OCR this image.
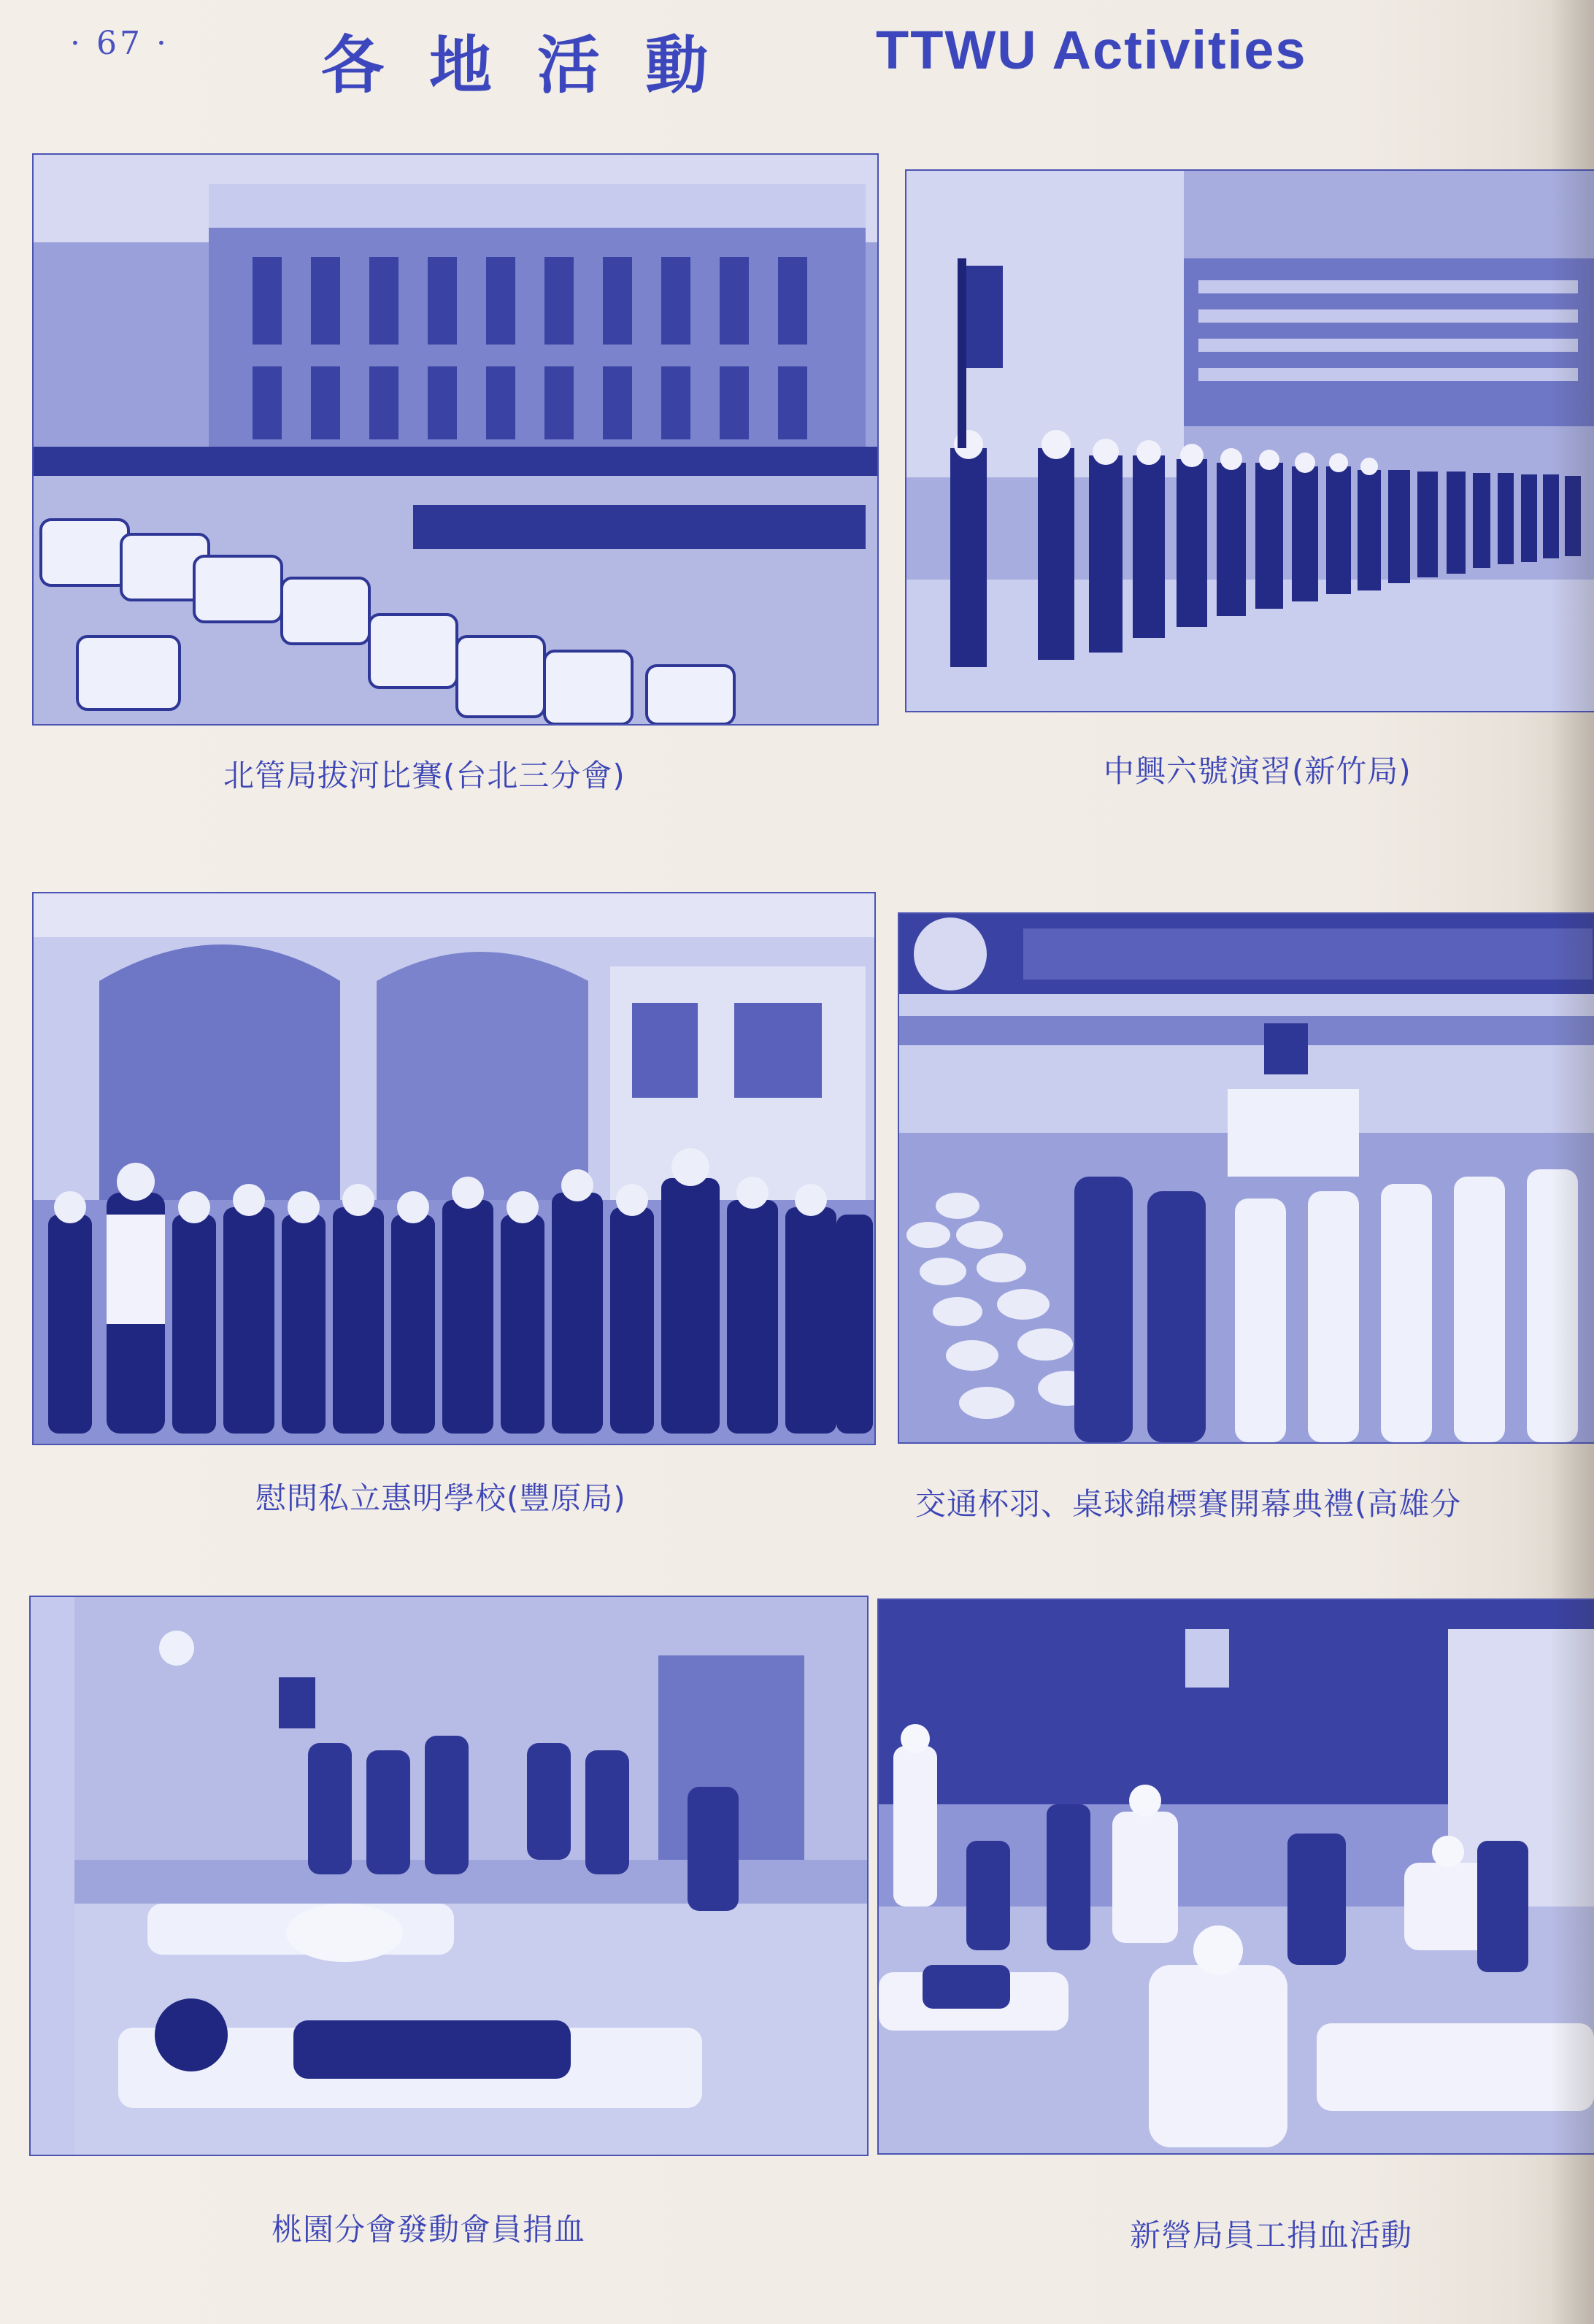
· 67 · 各地活動 TTWU Activities
北管局拔河比賽(台北三分會)	中興六號演習(新竹局)
慰問私立惠明學校(豐原局)	交通杯羽、桌球錦標賽開幕典禮(高雄分
桃園分會發動會員捐血	新營局員工捐血活動
